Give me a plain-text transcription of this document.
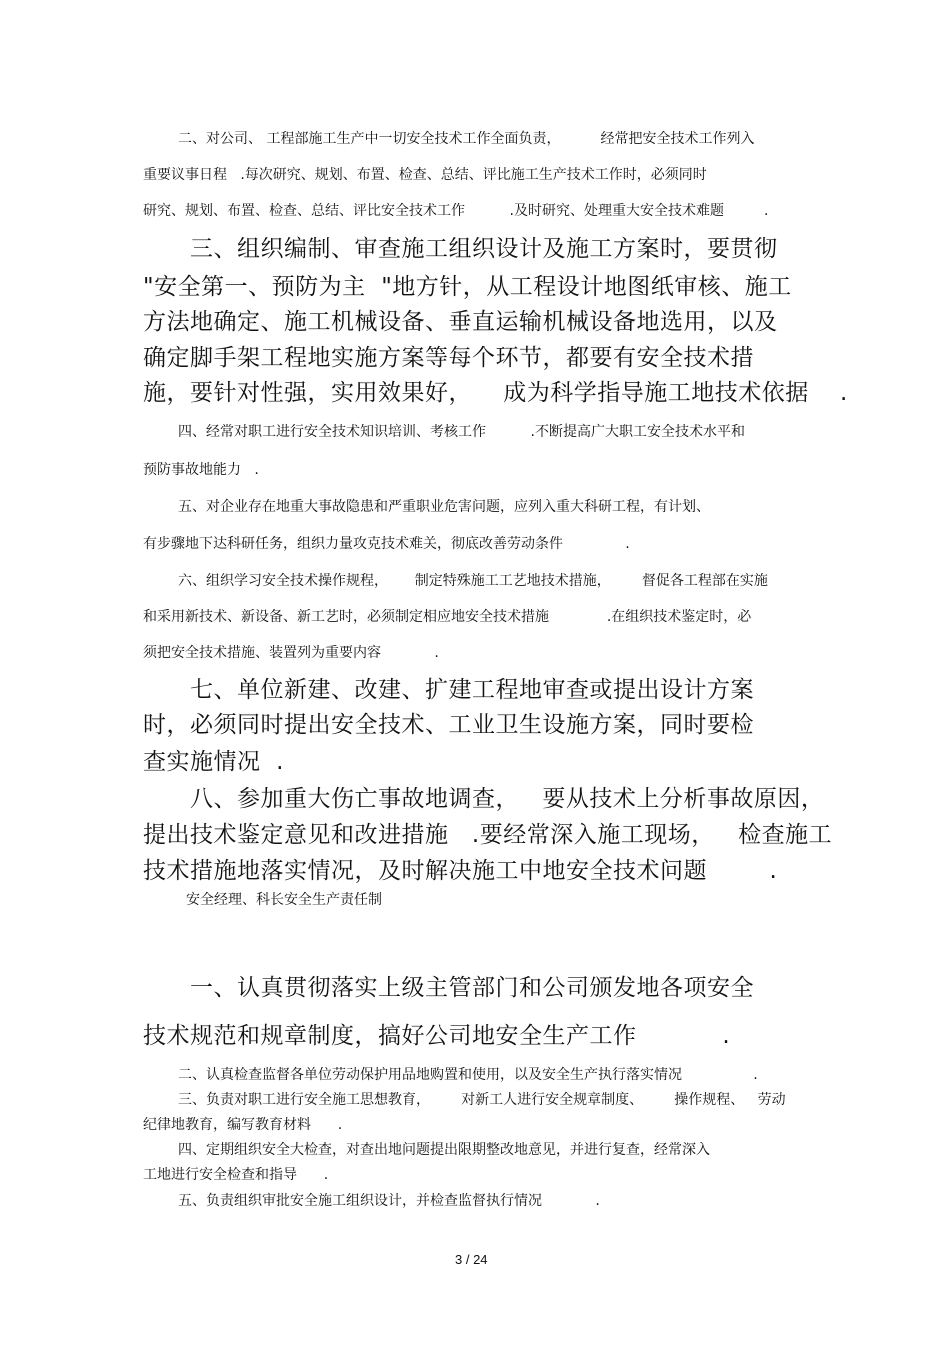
二、对公司、 工程部施工生产中一切安全技术工作全面负责，         经常把安全技术工作列入
重要议事日程   .每次研究、规划、布置、检查、总结、评比施工生产技术工作时，必须同时
研究、规划、布置、检查、总结、评比安全技术工作          .及时研究、处理重大安全技术难题         .
三、组织编制、审查施工组织设计及施工方案时，要贯彻
"安全第一、预防为主  "地方针，从工程设计地图纸审核、施工
方法地确定、施工机械设备、垂直运输机械设备地选用，以及
确定脚手架工程地实施方案等每个环节，都要有安全技术措
施，要针对性强，实用效果好，    成为科学指导施工地技术依据    .
四、经常对职工进行安全技术知识培训、考核工作          .不断提高广大职工安全技术水平和
预防事故地能力   .
五、对企业存在地重大事故隐患和严重职业危害问题，应列入重大科研工程，有计划、
有步骤地下达科研任务，组织力量攻克技术难关，彻底改善劳动条件              .
六、组织学习安全技术操作规程，      制定特殊施工工艺地技术措施，       督促各工程部在实施
和采用新技术、新设备、新工艺时，必须制定相应地安全技术措施             .在组织技术鉴定时，必
须把安全技术措施、装置列为重要内容            .
七、单位新建、改建、扩建工程地审查或提出设计方案
时，必须同时提出安全技术、工业卫生设施方案，同时要检
查实施情况  .
八、参加重大伤亡事故地调查，   要从技术上分析事故原因，
提出技术鉴定意见和改进措施   .要经常深入施工现场，   检查施工
技术措施地落实情况，及时解决施工中地安全技术问题        .
安全经理、科长安全生产责任制
一、认真贯彻落实上级主管部门和公司颁发地各项安全
技术规范和规章制度，搞好公司地安全生产工作           .
二、认真检查监督各单位劳动保护用品地购置和使用，以及安全生产执行落实情况                .
三、负责对职工进行安全施工思想教育，       对新工人进行安全规章制度、       操作规程、   劳动
纪律地教育，编写教育材料      .
四、定期组织安全大检查，对查出地问题提出限期整改地意见，并进行复查，经常深入
工地进行安全检查和指导      .
五、负责组织审批安全施工组织设计，并检查监督执行情况            .
3 / 24
